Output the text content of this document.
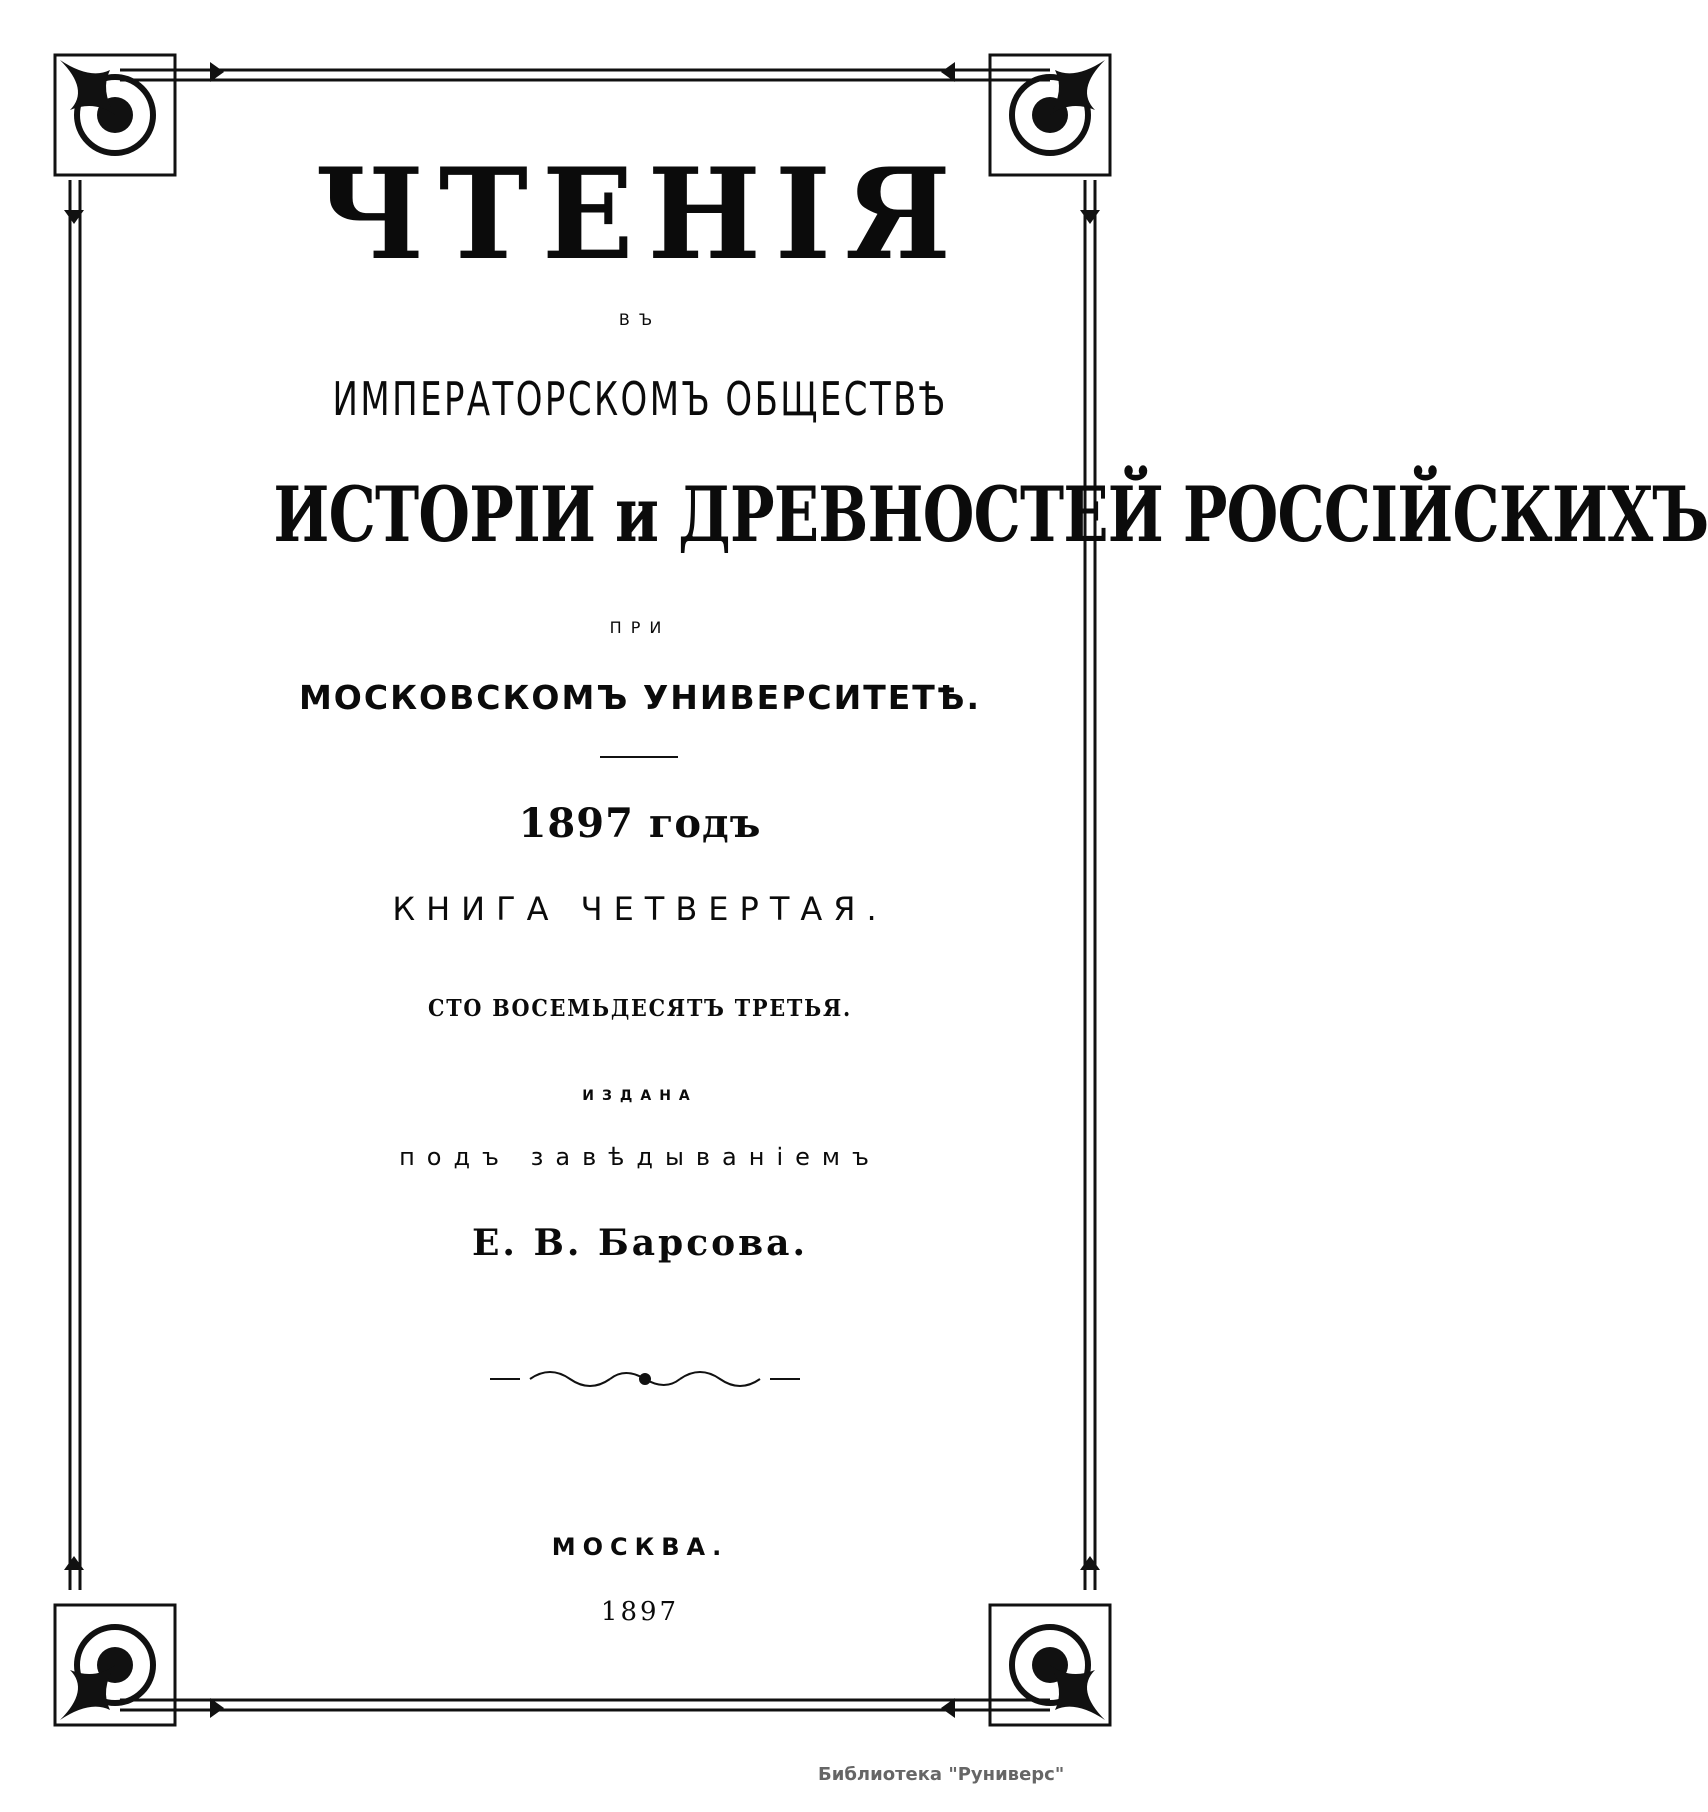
ЧТЕНІЯ
ВЪ
ИМПЕРАТОРСКОМЪ ОБЩЕСТВѢ
ИСТОРІИ и ДРЕВНОСТЕЙ РОССІЙСКИХЪ
ПРИ
МОСКОВСКОМЪ УНИВЕРСИТЕТѢ.
1897 годъ
КНИГА ЧЕТВЕРТАЯ.
СТО ВОСЕМЬДЕСЯТЪ ТРЕТЬЯ.
ИЗДАНА
подъ завѣдываніемъ
Е. В. Барсова.
МОСКВА.
1897
Библиотека "Руниверс"
